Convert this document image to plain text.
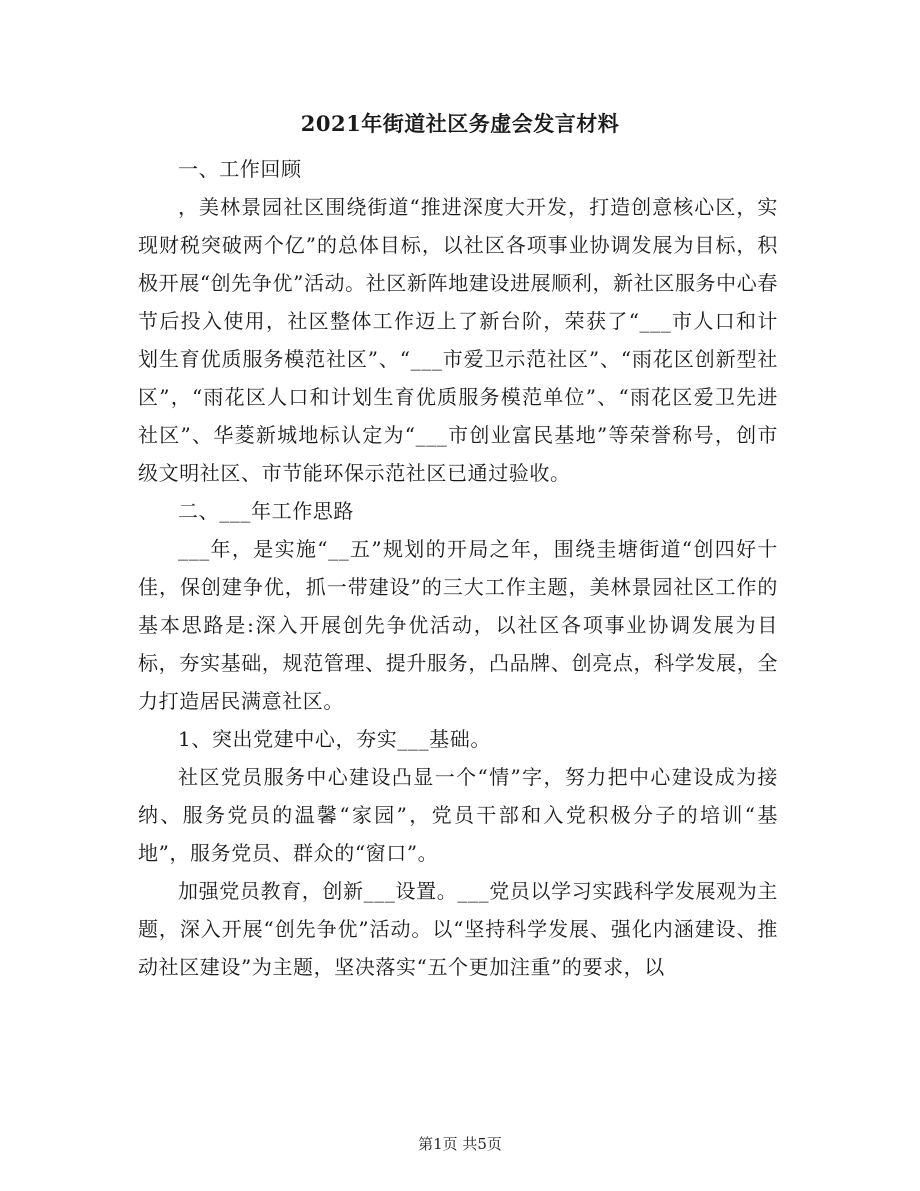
2021年街道社区务虚会发言材料

一、工作回顾

，美林景园社区围绕街道“推进深度大开发，打造创意核心区，实现财税突破两个亿”的总体目标，以社区各项事业协调发展为目标，积极开展“创先争优”活动。社区新阵地建设进展顺利，新社区服务中心春节后投入使用，社区整体工作迈上了新台阶，荣获了“___市人口和计划生育优质服务模范社区”、“___市爱卫示范社区”、“雨花区创新型社区”，“雨花区人口和计划生育优质服务模范单位”、“雨花区爱卫先进社区”、华菱新城地标认定为“___市创业富民基地”等荣誉称号，创市级文明社区、市节能环保示范社区已通过验收。

二、___年工作思路

___年，是实施“__五”规划的开局之年，围绕圭塘街道“创四好十佳，保创建争优，抓一带建设”的三大工作主题，美林景园社区工作的基本思路是:深入开展创先争优活动，以社区各项事业协调发展为目标，夯实基础，规范管理、提升服务，凸品牌、创亮点，科学发展，全力打造居民满意社区。

1、突出党建中心，夯实___基础。

社区党员服务中心建设凸显一个“情”字，努力把中心建设成为接纳、服务党员的温馨“家园”，党员干部和入党积极分子的培训“基地”，服务党员、群众的“窗口”。

加强党员教育，创新___设置。___党员以学习实践科学发展观为主题，深入开展“创先争优”活动。以“坚持科学发展、强化内涵建设、推动社区建设”为主题，坚决落实“五个更加注重”的要求，以

第1页 共5页
